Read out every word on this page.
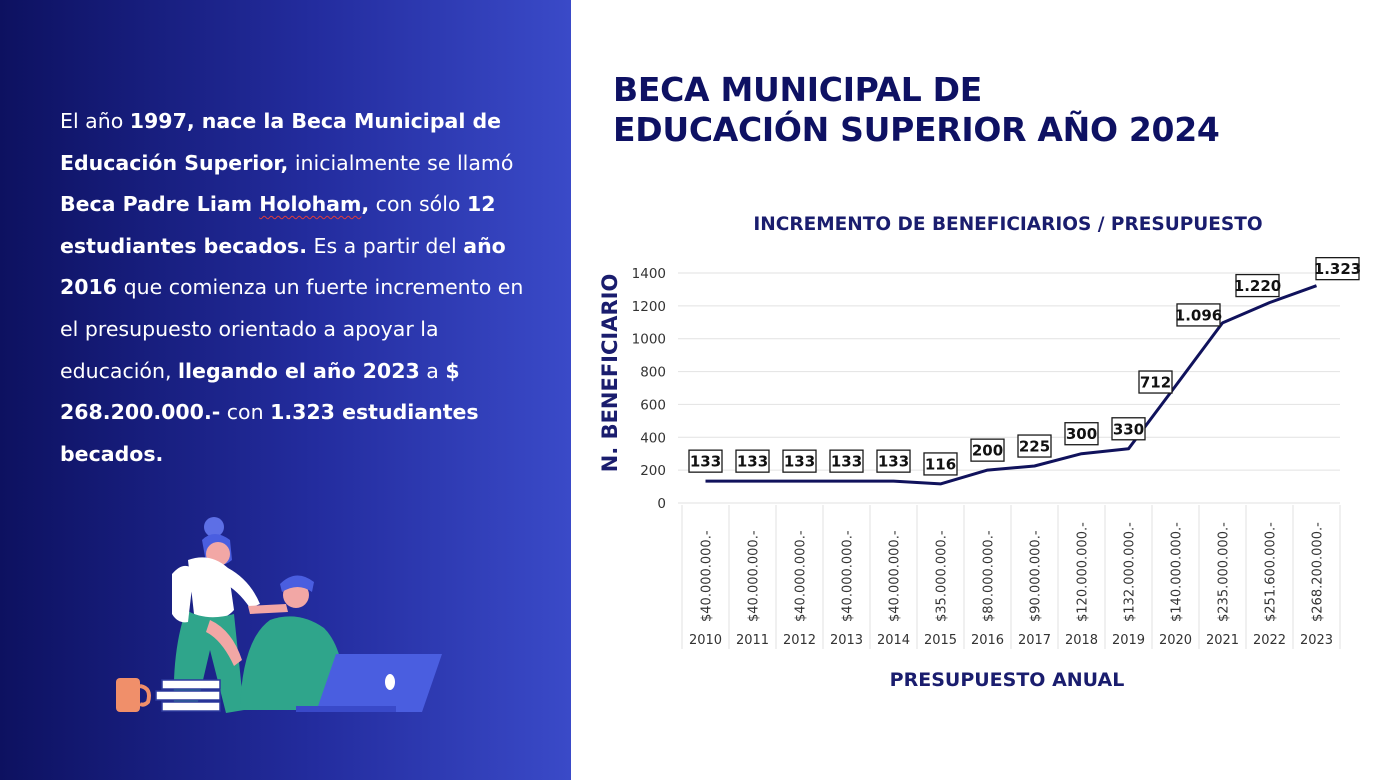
El año 1997, nace la Beca Municipal de Educación Superior, inicialmente se llamó Beca Padre Liam Holoham, con sólo 12 estudiantes becados. Es a partir del año 2016 que comienza un fuerte incremento en el presupuesto orientado a apoyar la educación, llegando el año 2023 a $ 268.200.000.- con 1.323 estudiantes becados.
BECA MUNICIPAL DE
EDUCACIÓN SUPERIOR AÑO 2024
INCREMENTO DE BENEFICIARIOS / PRESUPUESTO
N. BENEFICIARIO
0
200
400
600
800
1000
1200
1400
$40.000.000.-
2010
$40.000.000.-
2011
$40.000.000.-
2012
$40.000.000.-
2013
$40.000.000.-
2014
$35.000.000.-
2015
$80.000.000.-
2016
$90.000.000.-
2017
$120.000.000.-
2018
$132.000.000.-
2019
$140.000.000.-
2020
$235.000.000.-
2021
$251.600.000.-
2022
$268.200.000.-
2023
133 133 133 133 133 116
200 225
300 330
712
1.096
1.220
1.323
PRESUPUESTO ANUAL
